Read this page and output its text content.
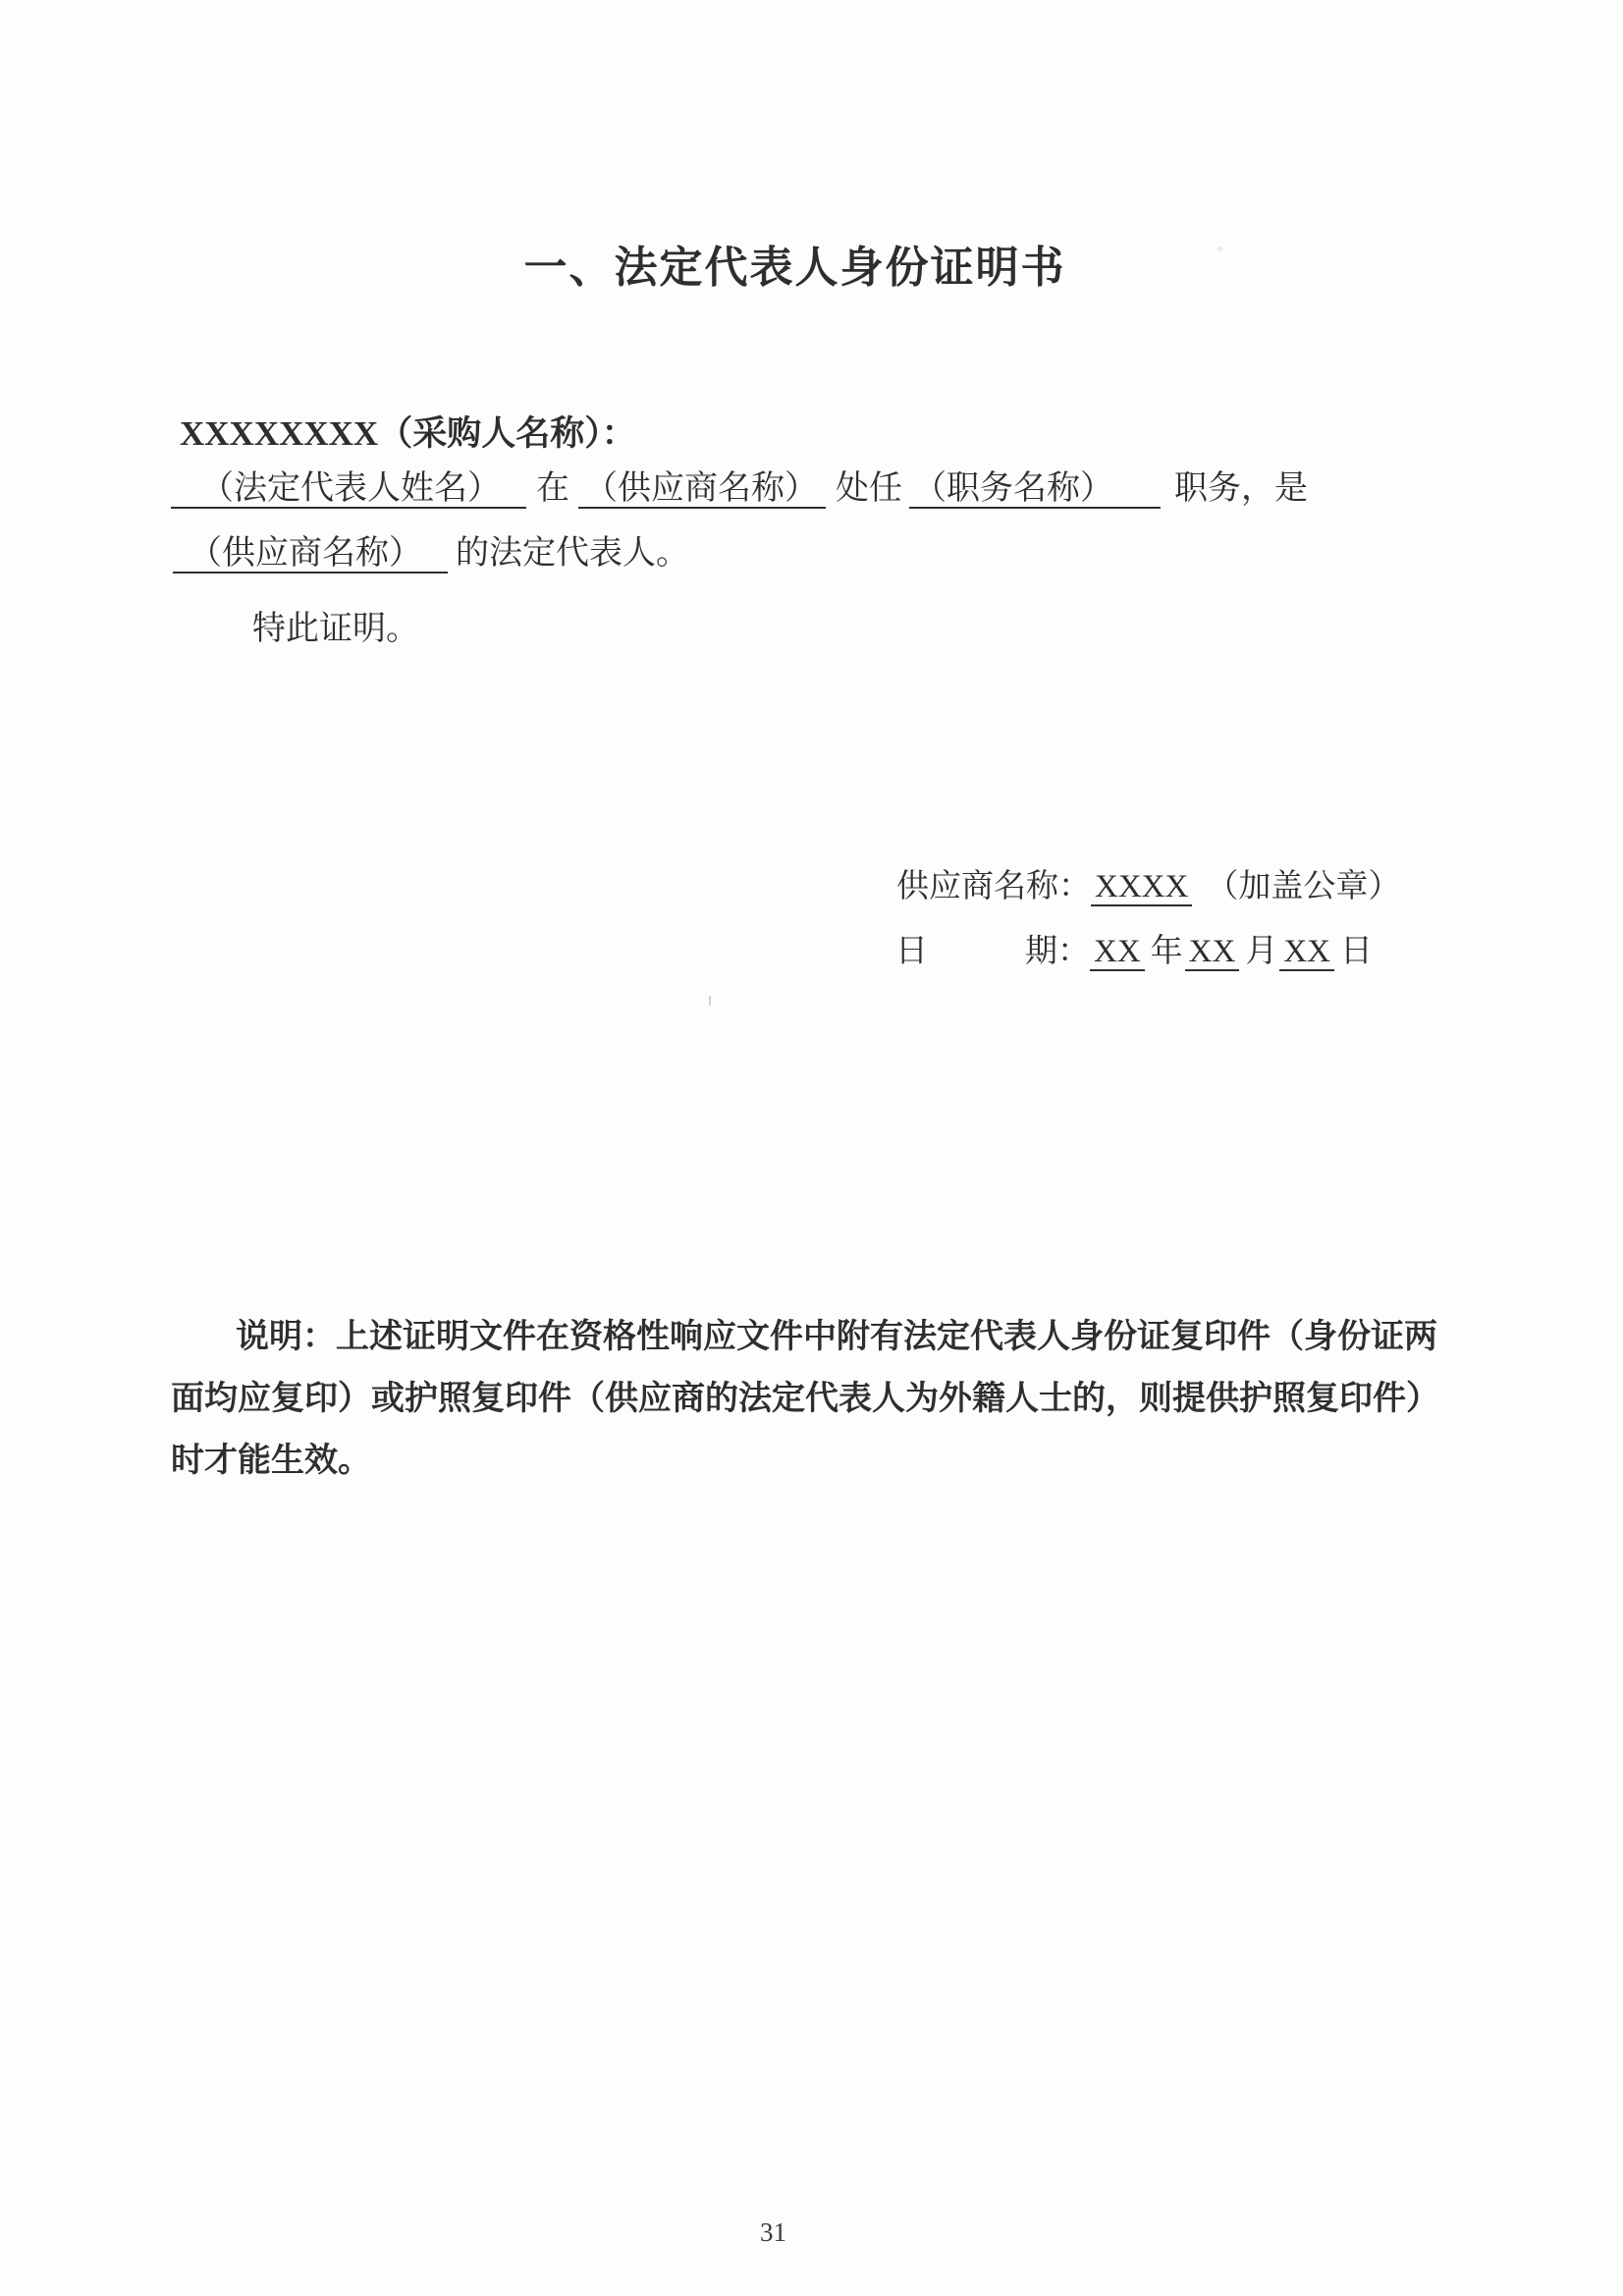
一、法定代表人身份证明书
XXXXXXXX（采购人名称）：
（法定代表人姓名） 在 （供应商名称） 处任 （职务名称） 职务，是
（供应商名称） 的法定代表人。
特此证明。
供应商名称： XXXX （加盖公章）
日　　　期： XX 年 XX 月 XX 日
说明：上述证明文件在资格性响应文件中附有法定代表人身份证复印件（身份证两
面均应复印）或护照复印件（供应商的法定代表人为外籍人士的，则提供护照复印件）
时才能生效。
31
